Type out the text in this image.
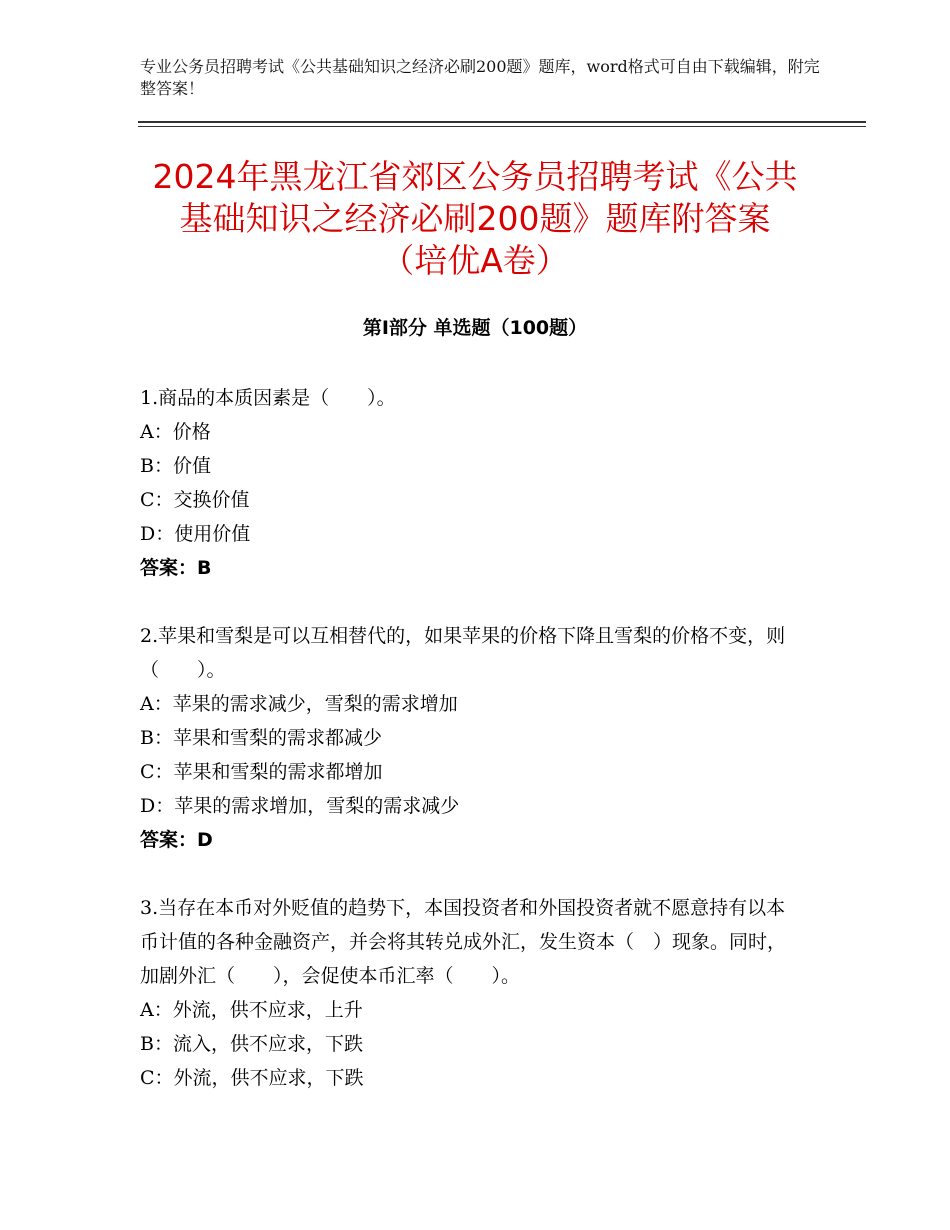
专业公务员招聘考试《公共基础知识之经济必刷200题》题库，word格式可自由下载编辑，附完整答案！
2024年黑龙江省郊区公务员招聘考试《公共
基础知识之经济必刷200题》题库附答案
（培优A卷）
第Ⅰ部分 单选题（100题）
1.商品的本质因素是（　　）。
A：价格
B：价值
C：交换价值
D：使用价值
答案：B
2.苹果和雪梨是可以互相替代的，如果苹果的价格下降且雪梨的价格不变，则（　　）。
A：苹果的需求减少，雪梨的需求增加
B：苹果和雪梨的需求都减少
C：苹果和雪梨的需求都增加
D：苹果的需求增加，雪梨的需求减少
答案：D
3.当存在本币对外贬值的趋势下，本国投资者和外国投资者就不愿意持有以本币计值的各种金融资产，并会将其转兑成外汇，发生资本（　）现象。同时，加剧外汇（　　），会促使本币汇率（　　）。
A：外流，供不应求，上升
B：流入，供不应求，下跌
C：外流，供不应求，下跌
